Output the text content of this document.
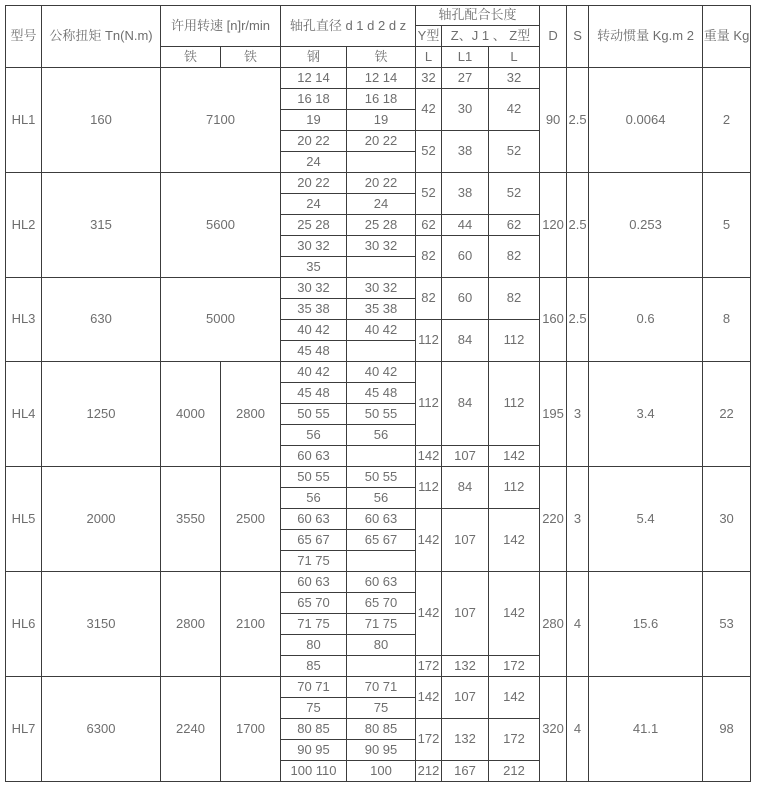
型号	公称扭矩 Tn(N.m)	许用转速 [n]r/min		轴孔直径 d 1 d 2 d z		轴孔配合长度			D	S	转动惯量 Kg.m 2	重量 Kg
						Y型	Z、J 1 、 Z型					
		铁	铁	钢	铁	L	L1	L				
HL1	160	7100		12 14	12 14	32	27	32	90	2.5	0.0064	2
				16 18	16 18	42	30	42				
				19	19							
				20 22	20 22	52	38	52				
				24								
HL2	315	5600		20 22	20 22	52	38	52	120	2.5	0.253	5
				24	24							
				25 28	25 28	62	44	62				
				30 32	30 32	82	60	82				
				35								
HL3	630	5000		30 32	30 32	82	60	82	160	2.5	0.6	8
				35 38	35 38							
				40 42	40 42	112	84	112				
				45 48								
HL4	1250	4000	2800	40 42	40 42	112	84	112	195	3	3.4	22
				45 48	45 48							
				50 55	50 55							
				56	56							
				60 63		142	107	142				
HL5	2000	3550	2500	50 55	50 55	112	84	112	220	3	5.4	30
				56	56							
				60 63	60 63	142	107	142				
				65 67	65 67							
				71 75								
HL6	3150	2800	2100	60 63	60 63	142	107	142	280	4	15.6	53
				65 70	65 70							
				71 75	71 75							
				80	80							
				85		172	132	172				
HL7	6300	2240	1700	70 71	70 71	142	107	142	320	4	41.1	98
				75	75							
				80 85	80 85	172	132	172				
				90 95	90 95							
				100 110	100	212	167	212				
